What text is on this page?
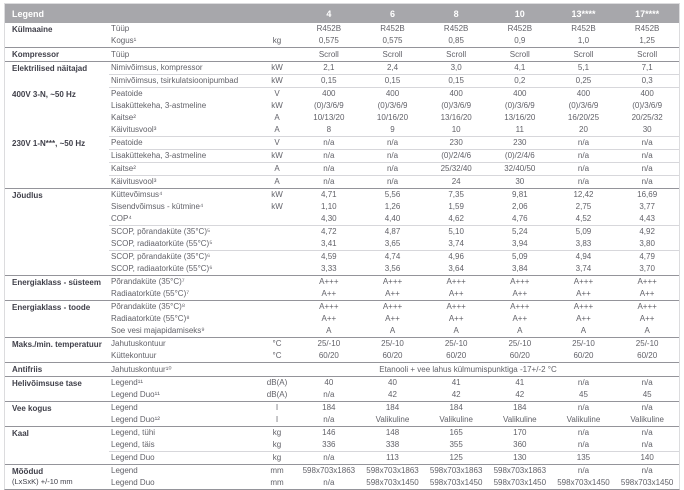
Legend			4	6	8	10	13****	17****

Külmaaine	Tüüp		R452B	R452B	R452B	R452B	R452B	R452B
	Kogus¹	kg	0,575	0,575	0,85	0,9	1,0	1,25

Kompressor	Tüüp		Scroll	Scroll	Scroll	Scroll	Scroll	Scroll

Elektrilised näitajad	Nimivõimsus, kompressor	kW	2,1	2,4	3,0	4,1	5,1	7,1
	Nimivõimsus, tsirkulatsioonipumbad	kW	0,15	0,15	0,15	0,2	0,25	0,3

400V 3-N, ~50 Hz	Peatoide	V	400	400	400	400	400	400
	Lisaküttekeha, 3-astmeline	kW	(0)/3/6/9	(0)/3/6/9	(0)/3/6/9	(0)/3/6/9	(0)/3/6/9	(0)/3/6/9
	Kaitse²	A	10/13/20	10/16/20	13/16/20	13/16/20	16/20/25	20/25/32
	Käivitusvool³	A	8	9	10	11	20	30

230V 1-N***, ~50 Hz	Peatoide	V	n/a	n/a	230	230	n/a	n/a
	Lisaküttekeha, 3-astmeline	kW	n/a	n/a	(0)/2/4/6	(0)/2/4/6	n/a	n/a
	Kaitse²	A	n/a	n/a	25/32/40	32/40/50	n/a	n/a
	Käivitusvool³	A	n/a	n/a	24	30	n/a	n/a

Jõudlus	Küttevõimsus⁴	kW	4,71	5,56	7,35	9,81	12,42	16,69
	Sisendvõimsus - kütmine⁴	kW	1,10	1,26	1,59	2,06	2,75	3,77
	COP⁴		4,30	4,40	4,62	4,76	4,52	4,43
	SCOP, põrandaküte (35°C)⁵		4,72	4,87	5,10	5,24	5,09	4,92
	SCOP, radiaatorküte (55°C)⁵		3,41	3,65	3,74	3,94	3,83	3,80
	SCOP, põrandaküte (35°C)⁶		4,59	4,74	4,96	5,09	4,94	4,79
	SCOP, radiaatorküte (55°C)⁶		3,33	3,56	3,64	3,84	3,74	3,70

Energiaklass - süsteem	Põrandaküte (35°C)⁷		A+++	A+++	A+++	A+++	A+++	A+++
	Radiaatorküte (55°C)⁷		A++	A++	A++	A++	A++	A++

Energiaklass - toode	Põrandaküte (35°C)⁸		A+++	A+++	A+++	A+++	A+++	A+++
	Radiaatorküte (55°C)⁸		A++	A++	A++	A++	A++	A++
	Soe vesi majapidamiseks⁹		A	A	A	A	A	A

Maks./min. temperatuur	Jahutuskontuur	°C	25/-10	25/-10	25/-10	25/-10	25/-10	25/-10
	Küttekontuur	°C	60/20	60/20	60/20	60/20	60/20	60/20

Antifriis	Jahutuskontuur¹⁰	Etanooli + vee lahus külmumispunktiga -17+/-2 °C						

Helivõimsuse tase	Legend¹¹	dB(A)	40	40	41	41	n/a	n/a
	Legend Duo¹¹	dB(A)	n/a	42	42	42	45	45

Vee kogus	Legend	l	184	184	184	184	n/a	n/a
	Legend Duo¹²	l	n/a	Valikuline	Valikuline	Valikuline	Valikuline	Valikuline

Kaal	Legend, tühi	kg	146	148	165	170	n/a	n/a
	Legend, täis	kg	336	338	355	360	n/a	n/a
	Legend Duo	kg	n/a	113	125	130	135	140

Mõõdud
(LxSxK) +/-10 mm	Legend	mm	598x703x1863	598x703x1863	598x703x1863	598x703x1863	n/a	n/a
	Legend Duo	mm	n/a	598x703x1450	598x703x1450	598x703x1450	598x703x1450	598x703x1450
